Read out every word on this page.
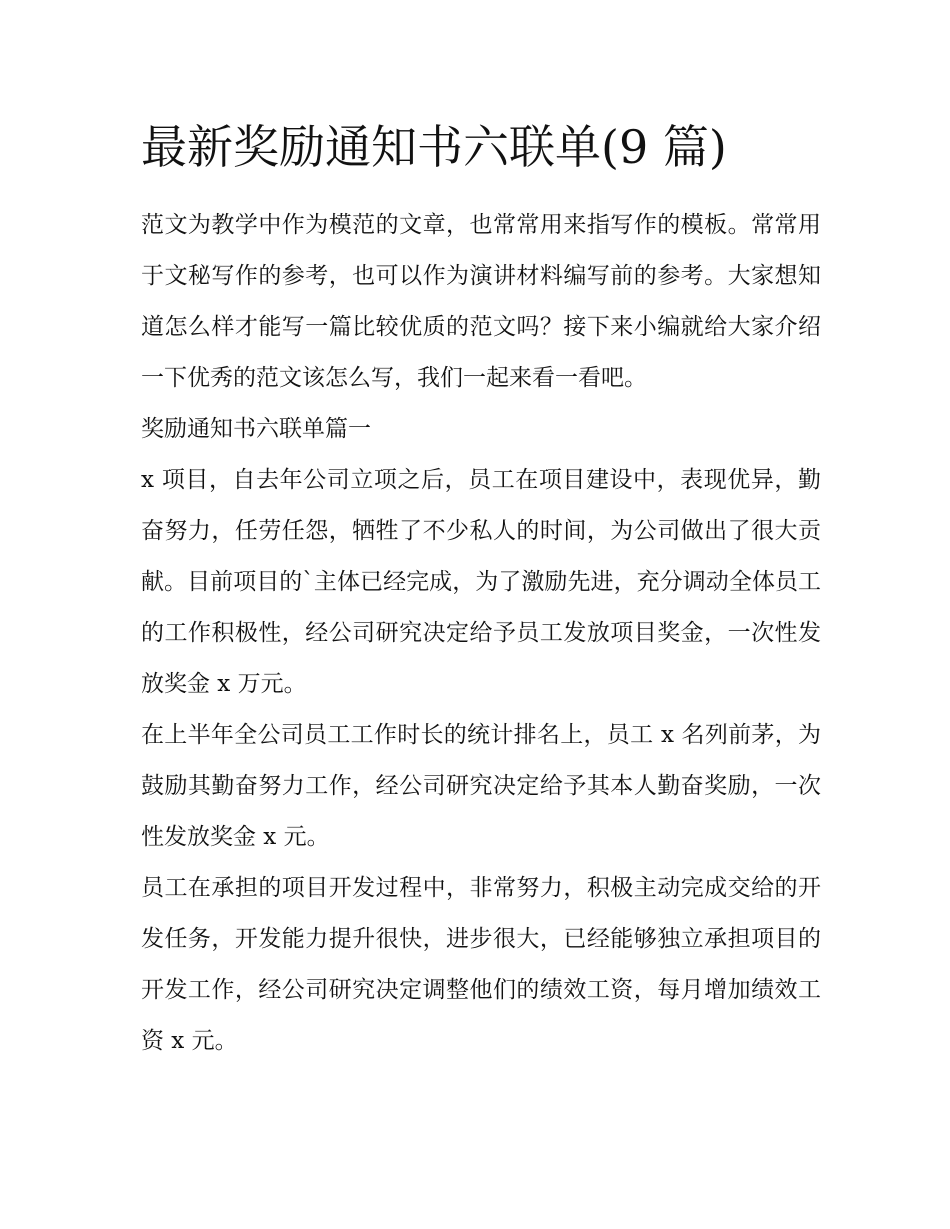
最新奖励通知书六联单(9 篇)

范文为教学中作为模范的文章，也常常用来指写作的模板。常常用于文秘写作的参考，也可以作为演讲材料编写前的参考。大家想知道怎么样才能写一篇比较优质的范文吗？接下来小编就给大家介绍一下优秀的范文该怎么写，我们一起来看一看吧。

奖励通知书六联单篇一

x 项目，自去年公司立项之后，员工在项目建设中，表现优异，勤奋努力，任劳任怨，牺牲了不少私人的时间，为公司做出了很大贡献。目前项目的`主体已经完成，为了激励先进，充分调动全体员工的工作积极性，经公司研究决定给予员工发放项目奖金，一次性发放奖金 x 万元。

在上半年全公司员工工作时长的统计排名上，员工 x 名列前茅，为鼓励其勤奋努力工作，经公司研究决定给予其本人勤奋奖励，一次性发放奖金 x 元。

员工在承担的项目开发过程中，非常努力，积极主动完成交给的开发任务，开发能力提升很快，进步很大，已经能够独立承担项目的开发工作，经公司研究决定调整他们的绩效工资，每月增加绩效工资 x 元。
